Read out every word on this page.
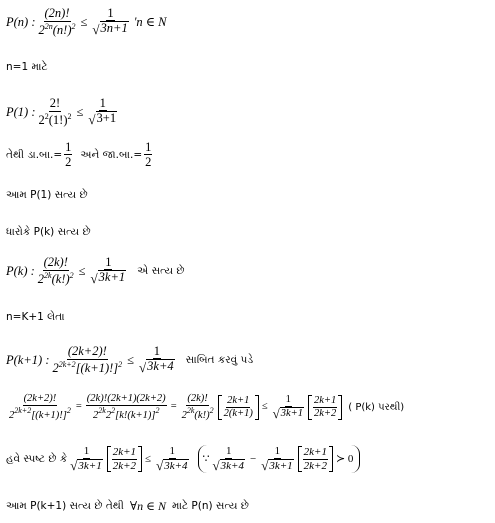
P(n) : $\frac{(2n)!}{2^{2n}(n!)^2} \le \frac{1}{√ 3n+1}$ 'n ∈ N
n=1 માટે
P(1) : $\frac{2!}{2^2(1!)^2} \le \frac{1}{√ 3+1}$
તેથી ડા.બા.= $\frac{1}{2}$ અને જા.બા.= $\frac{1}{2}$
આમ P(1) સત્ય છે
ધારોકે P(k) સત્ય છે
P(k) : $\frac{(2k)!}{2^{2k}(k!)^2} \le \frac{1}{√ 3k+1}$ એ સત્ય છે
n=K+1 લેતા
P(k+1) : $\frac{(2k+2)!}{2^{2k+2}[(k+1)!]^2} \le \frac{1}{√ 3k+4}$ સાબિત કરવું પડે
$\frac{(2k+2)!}{2^{2k+2}[(k+1)!]^2} = \frac{(2k)!(2k+1)(2k+2)}{2^{2k}2^2[k!(k+1)]^2} = \frac{(2k)!}{2^{2k}(k!)^2} 2k+1$
2(k+1)
≤ $\frac{1}{√ 3k+1} 2k+1$
2k+2
( P(k) પરથી)
હવે સ્પષ્ટ છે કે
1
√ 3k+1
2k+1
2k+2
≤ $\frac{1}{√ 3k+4}$ ∵
1
√ 3k+4
− $\frac{1}{√ 3k+1} 2k+1$
2k+2
≻ 0
આમ P(k+1) સત્ય છે તેથી ∀n ∈ N માટે P(n) સત્ય છે
